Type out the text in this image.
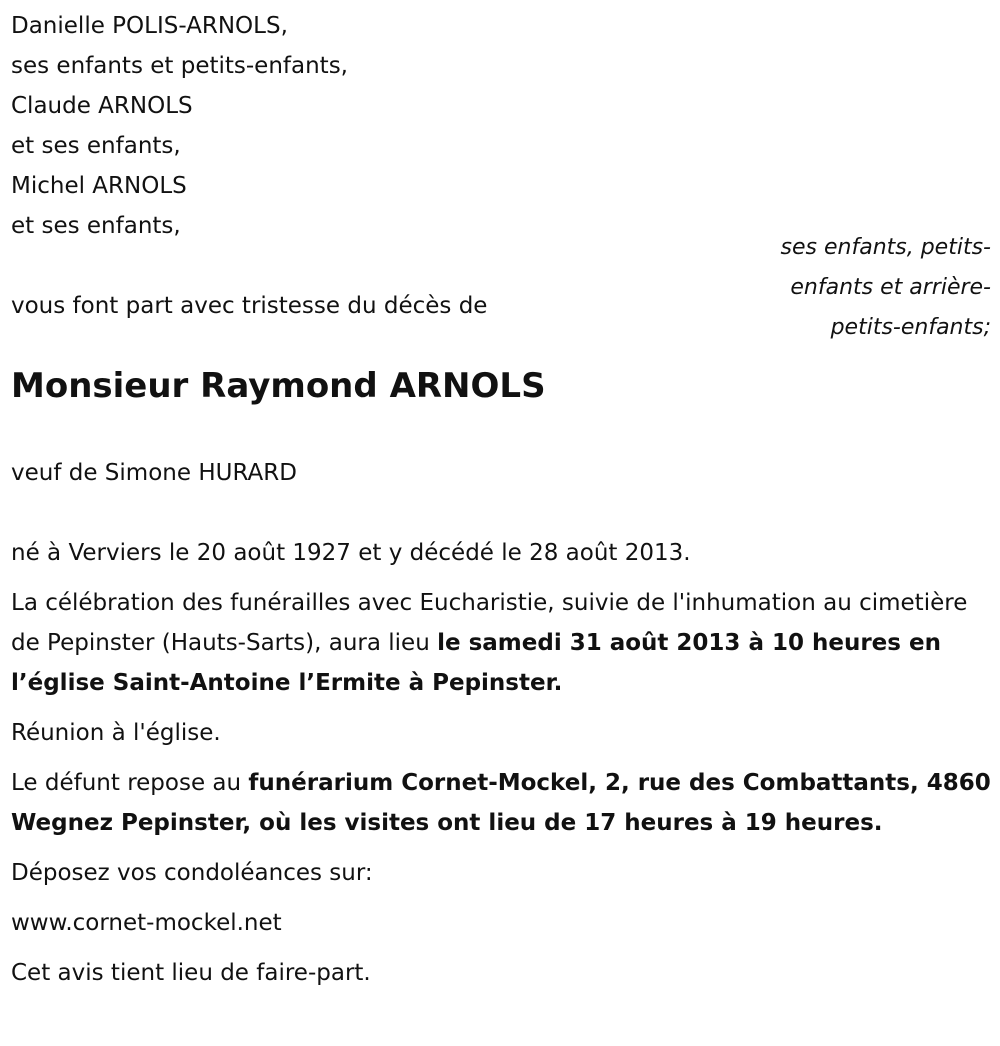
Danielle POLIS-ARNOLS,
ses enfants et petits-enfants,
Claude ARNOLS
et ses enfants,
Michel ARNOLS
et ses enfants,
ses enfants, petits-enfants et arrière-petits-enfants;
vous font part avec tristesse du décès de
Monsieur Raymond ARNOLS
veuf de Simone HURARD

né à Verviers le 20 août 1927 et y décédé le 28 août 2013.

La célébration des funérailles avec Eucharistie, suivie de l'inhumation au cimetière de Pepinster (Hauts-Sarts), aura lieu le samedi 31 août 2013 à 10 heures en l’église Saint-Antoine l’Ermite à Pepinster.

Réunion à l'église.

Le défunt repose au funérarium Cornet-Mockel, 2, rue des Combattants, 4860 Wegnez Pepinster, où les visites ont lieu de 17 heures à 19 heures.

Déposez vos condoléances sur:

www.cornet-mockel.net

Cet avis tient lieu de faire-part.
